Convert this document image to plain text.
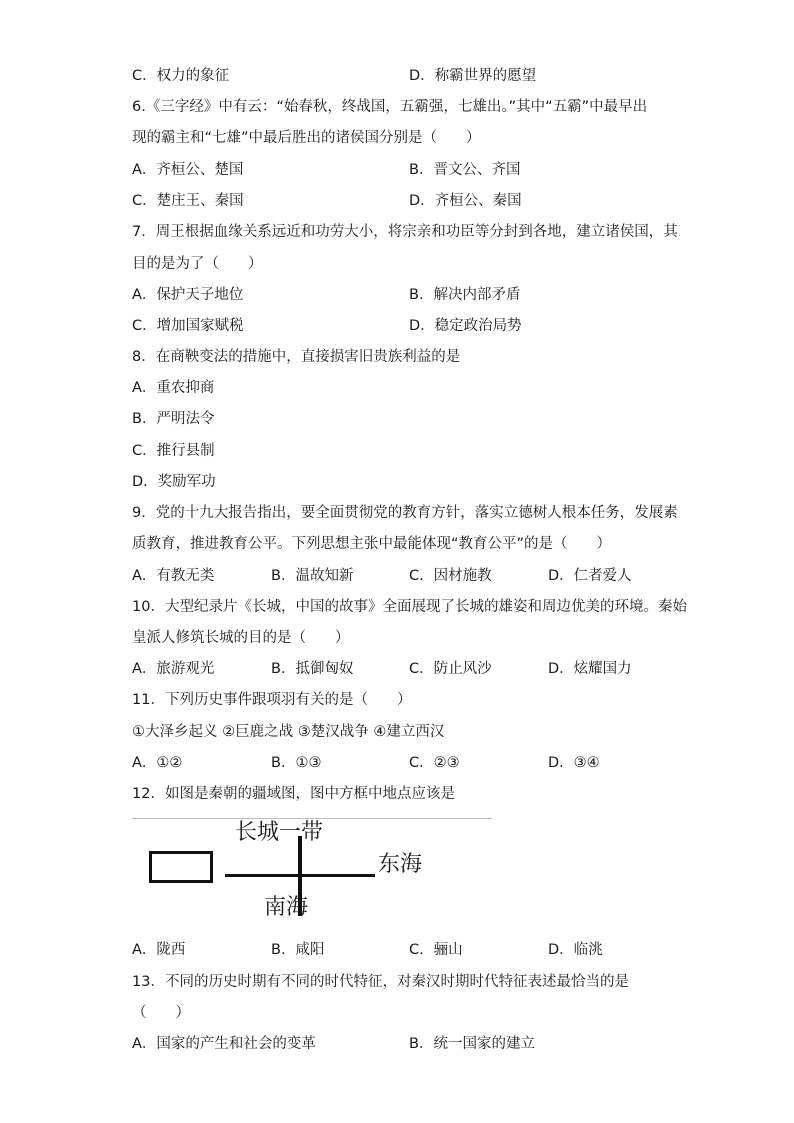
C．权力的象征	D．称霸世界的愿望
6.《三字经》中有云：“始春秋，终战国，五霸强，七雄出。”其中“五霸”中最早出
现的霸主和“七雄”中最后胜出的诸侯国分别是（　　）
A．齐桓公、楚国	B．晋文公、齐国
C．楚庄王、秦国	D．齐桓公、秦国
7．周王根据血缘关系远近和功劳大小，将宗亲和功臣等分封到各地，建立诸侯国，其
目的是为了（　　）
A．保护天子地位	B．解决内部矛盾
C．增加国家赋税	D．稳定政治局势
8．在商鞅变法的措施中，直接损害旧贵族利益的是
A．重农抑商
B．严明法令
C．推行县制
D．奖励军功
9．党的十九大报告指出，要全面贯彻党的教育方针，落实立德树人根本任务，发展素
质教育，推进教育公平。下列思想主张中最能体现“教育公平”的是（　　）
A．有教无类	B．温故知新	C．因材施教	D．仁者爱人
10．大型纪录片《长城，中国的故事》全面展现了长城的雄姿和周边优美的环境。秦始
皇派人修筑长城的目的是（　　）
A．旅游观光	B．抵御匈奴	C．防止风沙	D．炫耀国力
11．下列历史事件跟项羽有关的是（　　）
①大泽乡起义 ②巨鹿之战 ③楚汉战争 ④建立西汉
A．①②	B．①③	C．②③	D．③④
12．如图是秦朝的疆域图，图中方框中地点应该是
长城一带
东海
南海
A．陇西	B．咸阳	C．骊山	D．临洮
13．不同的历史时期有不同的时代特征，对秦汉时期时代特征表述最恰当的是
（　　）
A．国家的产生和社会的变革	B．统一国家的建立
